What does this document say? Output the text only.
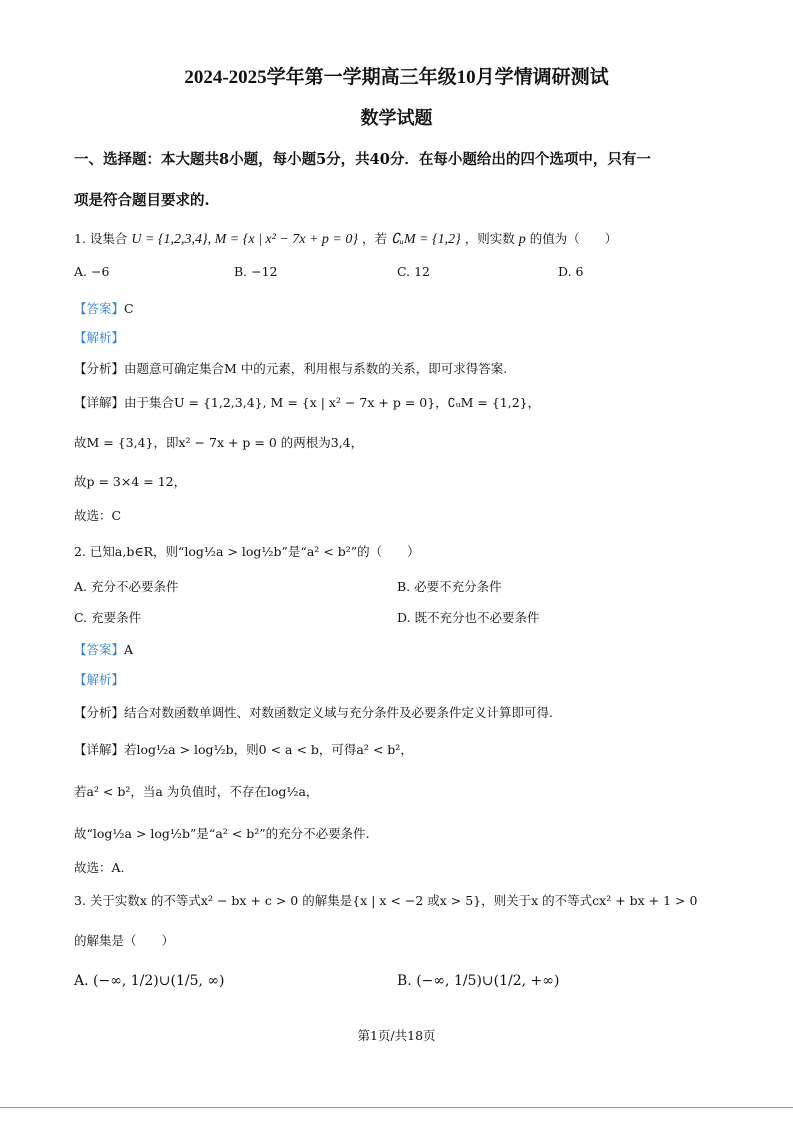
2024-2025学年第一学期高三年级10月学情调研测试
数学试题
一、选择题：本大题共8小题，每小题5分，共40分．在每小题给出的四个选项中，只有一
项是符合题目要求的.
1. 设集合 U = {1,2,3,4}, M = {x | x² − 7x + p = 0} ，若 ∁ᵤM = {1,2} ，则实数 p 的值为（　　）
A. −6	B. −12	C. 12	D. 6
【答案】C
【解析】
【分析】由题意可确定集合M 中的元素，利用根与系数的关系，即可求得答案.
【详解】由于集合U = {1,2,3,4}, M = {x | x² − 7x + p = 0}，∁ᵤM = {1,2}，
故M = {3,4}，即x² − 7x + p = 0 的两根为3,4，
故p = 3×4 = 12，
故选：C
2. 已知a,b∈R，则“log½a > log½b”是“a² < b²”的（　　）
A. 充分不必要条件	B. 必要不充分条件
C. 充要条件	D. 既不充分也不必要条件
【答案】A
【解析】
【分析】结合对数函数单调性、对数函数定义域与充分条件及必要条件定义计算即可得.
【详解】若log½a > log½b，则0 < a < b，可得a² < b²，
若a² < b²，当a 为负值时，不存在log½a，
故“log½a > log½b”是“a² < b²”的充分不必要条件.
故选：A.
3. 关于实数x 的不等式x² − bx + c > 0 的解集是{x | x < −2 或x > 5}，则关于x 的不等式cx² + bx + 1 > 0
的解集是（　　）
A. (−∞, 1/2)∪(1/5, ∞)	B. (−∞, 1/5)∪(1/2, +∞)
第1页/共18页
